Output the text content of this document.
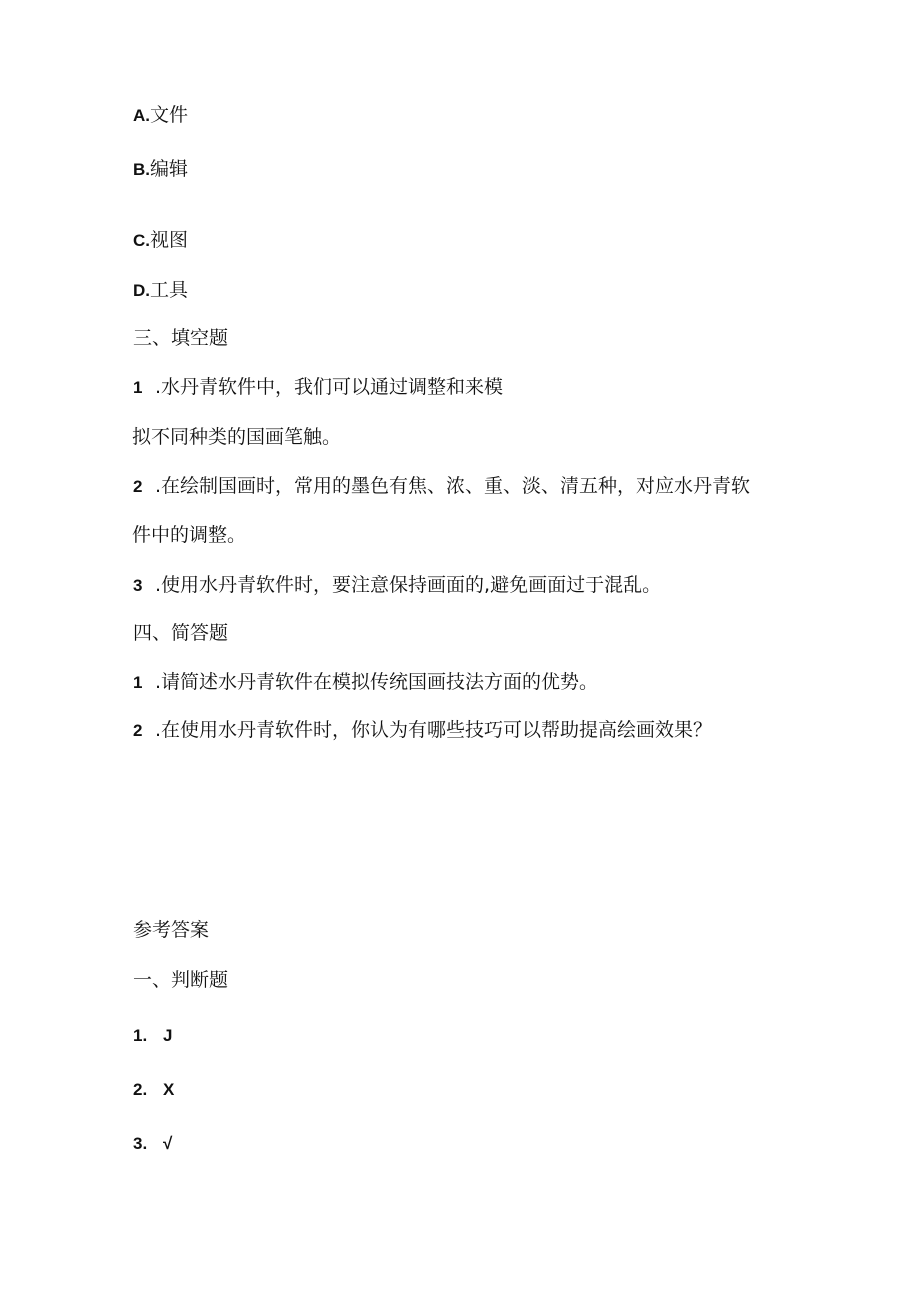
A.文件
B.编辑
C.视图
D.工具
三、填空题
1 .水丹青软件中，我们可以通过调整和来模
拟不同种类的国画笔触。
2 .在绘制国画时，常用的墨色有焦、浓、重、淡、清五种，对应水丹青软
件中的调整。
3 .使用水丹青软件时，要注意保持画面的,避免画面过于混乱。
四、简答题
1 .请简述水丹青软件在模拟传统国画技法方面的优势。
2 .在使用水丹青软件时，你认为有哪些技巧可以帮助提高绘画效果？
参考答案
一、判断题
1. J
2. X
3. √
